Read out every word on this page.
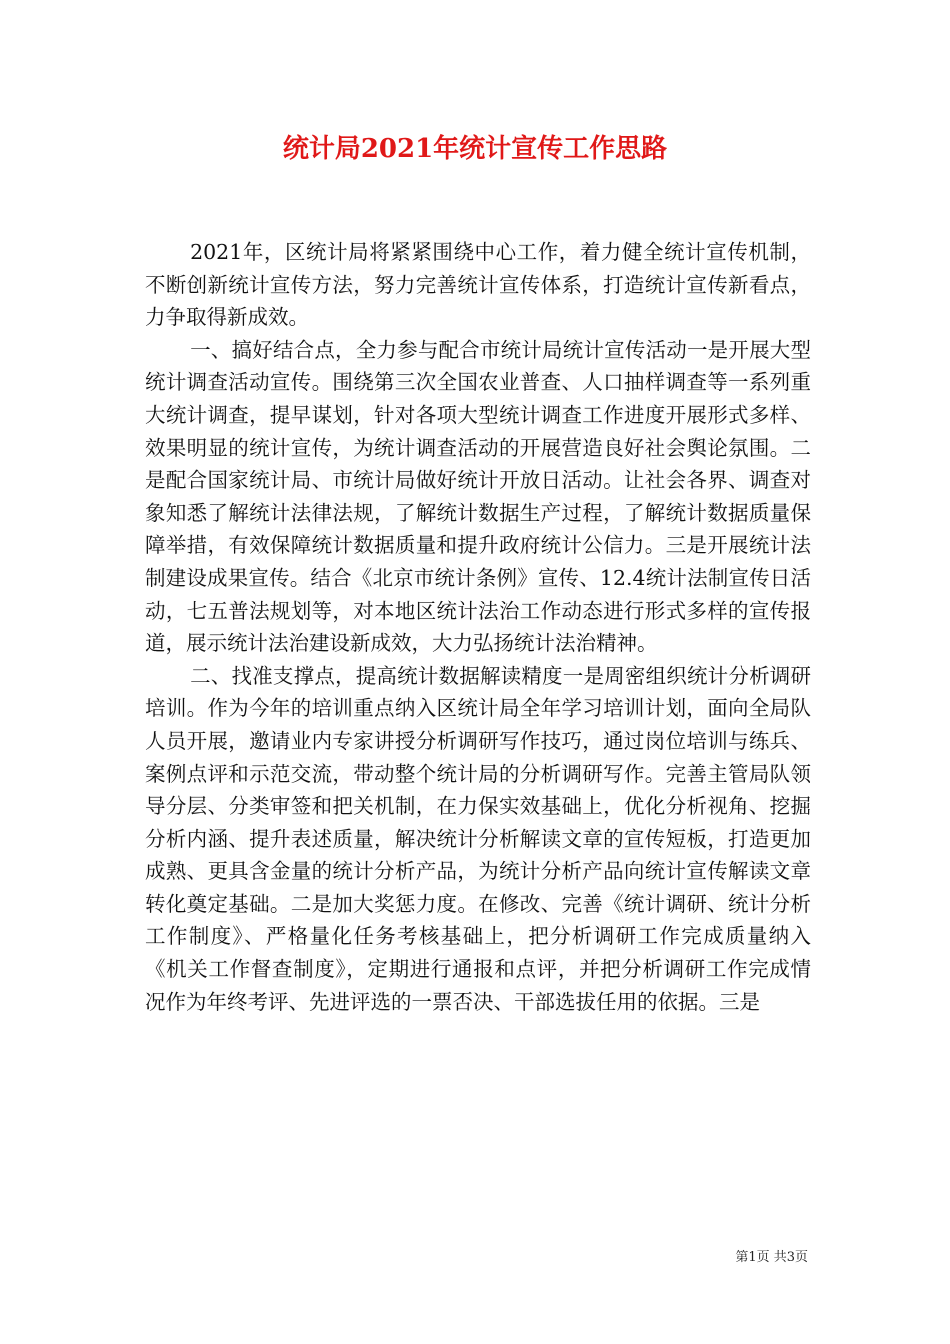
统计局2021年统计宣传工作思路

2021年，区统计局将紧紧围绕中心工作，着力健全统计宣传机制，不断创新统计宣传方法，努力完善统计宣传体系，打造统计宣传新看点，力争取得新成效。

一、搞好结合点，全力参与配合市统计局统计宣传活动一是开展大型统计调查活动宣传。围绕第三次全国农业普查、人口抽样调查等一系列重大统计调查，提早谋划，针对各项大型统计调查工作进度开展形式多样、效果明显的统计宣传，为统计调查活动的开展营造良好社会舆论氛围。二是配合国家统计局、市统计局做好统计开放日活动。让社会各界、调查对象知悉了解统计法律法规，了解统计数据生产过程，了解统计数据质量保障举措，有效保障统计数据质量和提升政府统计公信力。三是开展统计法制建设成果宣传。结合《北京市统计条例》宣传、12.4统计法制宣传日活动，七五普法规划等，对本地区统计法治工作动态进行形式多样的宣传报道，展示统计法治建设新成效，大力弘扬统计法治精神。

二、找准支撑点，提高统计数据解读精度一是周密组织统计分析调研培训。作为今年的培训重点纳入区统计局全年学习培训计划，面向全局队人员开展，邀请业内专家讲授分析调研写作技巧，通过岗位培训与练兵、案例点评和示范交流，带动整个统计局的分析调研写作。完善主管局队领导分层、分类审签和把关机制，在力保实效基础上，优化分析视角、挖掘分析内涵、提升表述质量，解决统计分析解读文章的宣传短板，打造更加成熟、更具含金量的统计分析产品，为统计分析产品向统计宣传解读文章转化奠定基础。二是加大奖惩力度。在修改、完善《统计调研、统计分析工作制度》、严格量化任务考核基础上，把分析调研工作完成质量纳入《机关工作督查制度》，定期进行通报和点评，并把分析调研工作完成情况作为年终考评、先进评选的一票否决、干部选拔任用的依据。三是

第1页 共3页
